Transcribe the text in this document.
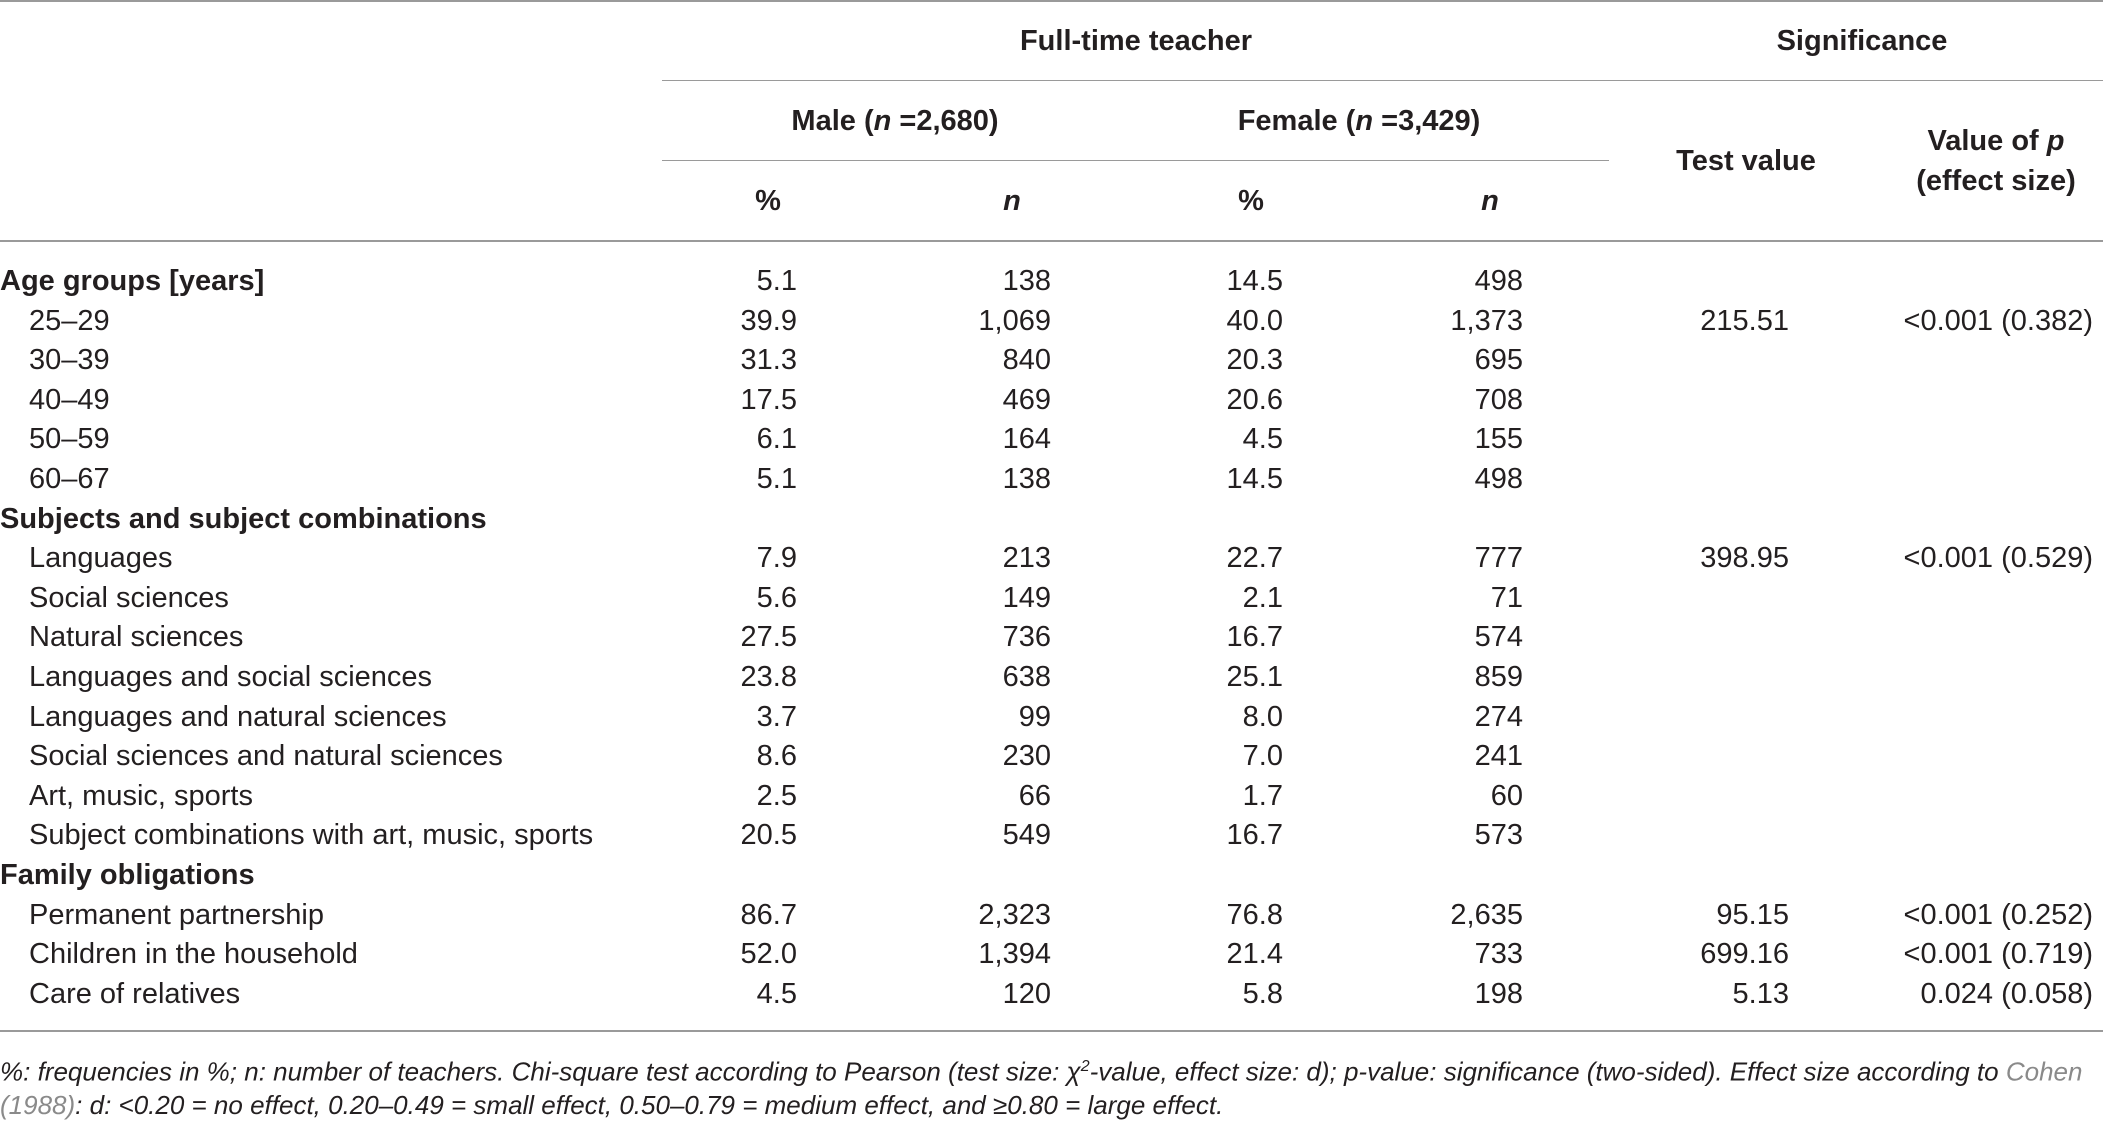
Full-time teacher	Significance
Male (n =2,680)	Female (n =3,429)
Test value
Value of p
(effect size)
%	n	%	n
Age groups [years]	5.1	138	14.5	498
25–29	39.9	1,069	40.0	1,373	215.51	<0.001 (0.382)
30–39	31.3	840	20.3	695
40–49	17.5	469	20.6	708
50–59	6.1	164	4.5	155
60–67	5.1	138	14.5	498
Subjects and subject combinations
Languages	7.9	213	22.7	777	398.95	<0.001 (0.529)
Social sciences	5.6	149	2.1	71
Natural sciences	27.5	736	16.7	574
Languages and social sciences	23.8	638	25.1	859
Languages and natural sciences	3.7	99	8.0	274
Social sciences and natural sciences	8.6	230	7.0	241
Art, music, sports	2.5	66	1.7	60
Subject combinations with art, music, sports	20.5	549	16.7	573
Family obligations
Permanent partnership	86.7	2,323	76.8	2,635	95.15	<0.001 (0.252)
Children in the household	52.0	1,394	21.4	733	699.16	<0.001 (0.719)
Care of relatives	4.5	120	5.8	198	5.13	0.024 (0.058)
%: frequencies in %; n: number of teachers. Chi-square test according to Pearson (test size: $\chi^2$-value, effect size: d); p-value: significance (two-sided). Effect size according to Cohen
(1988): d: <0.20 = no effect, 0.20–0.49 = small effect, 0.50–0.79 = medium effect, and ≥0.80 = large effect.
